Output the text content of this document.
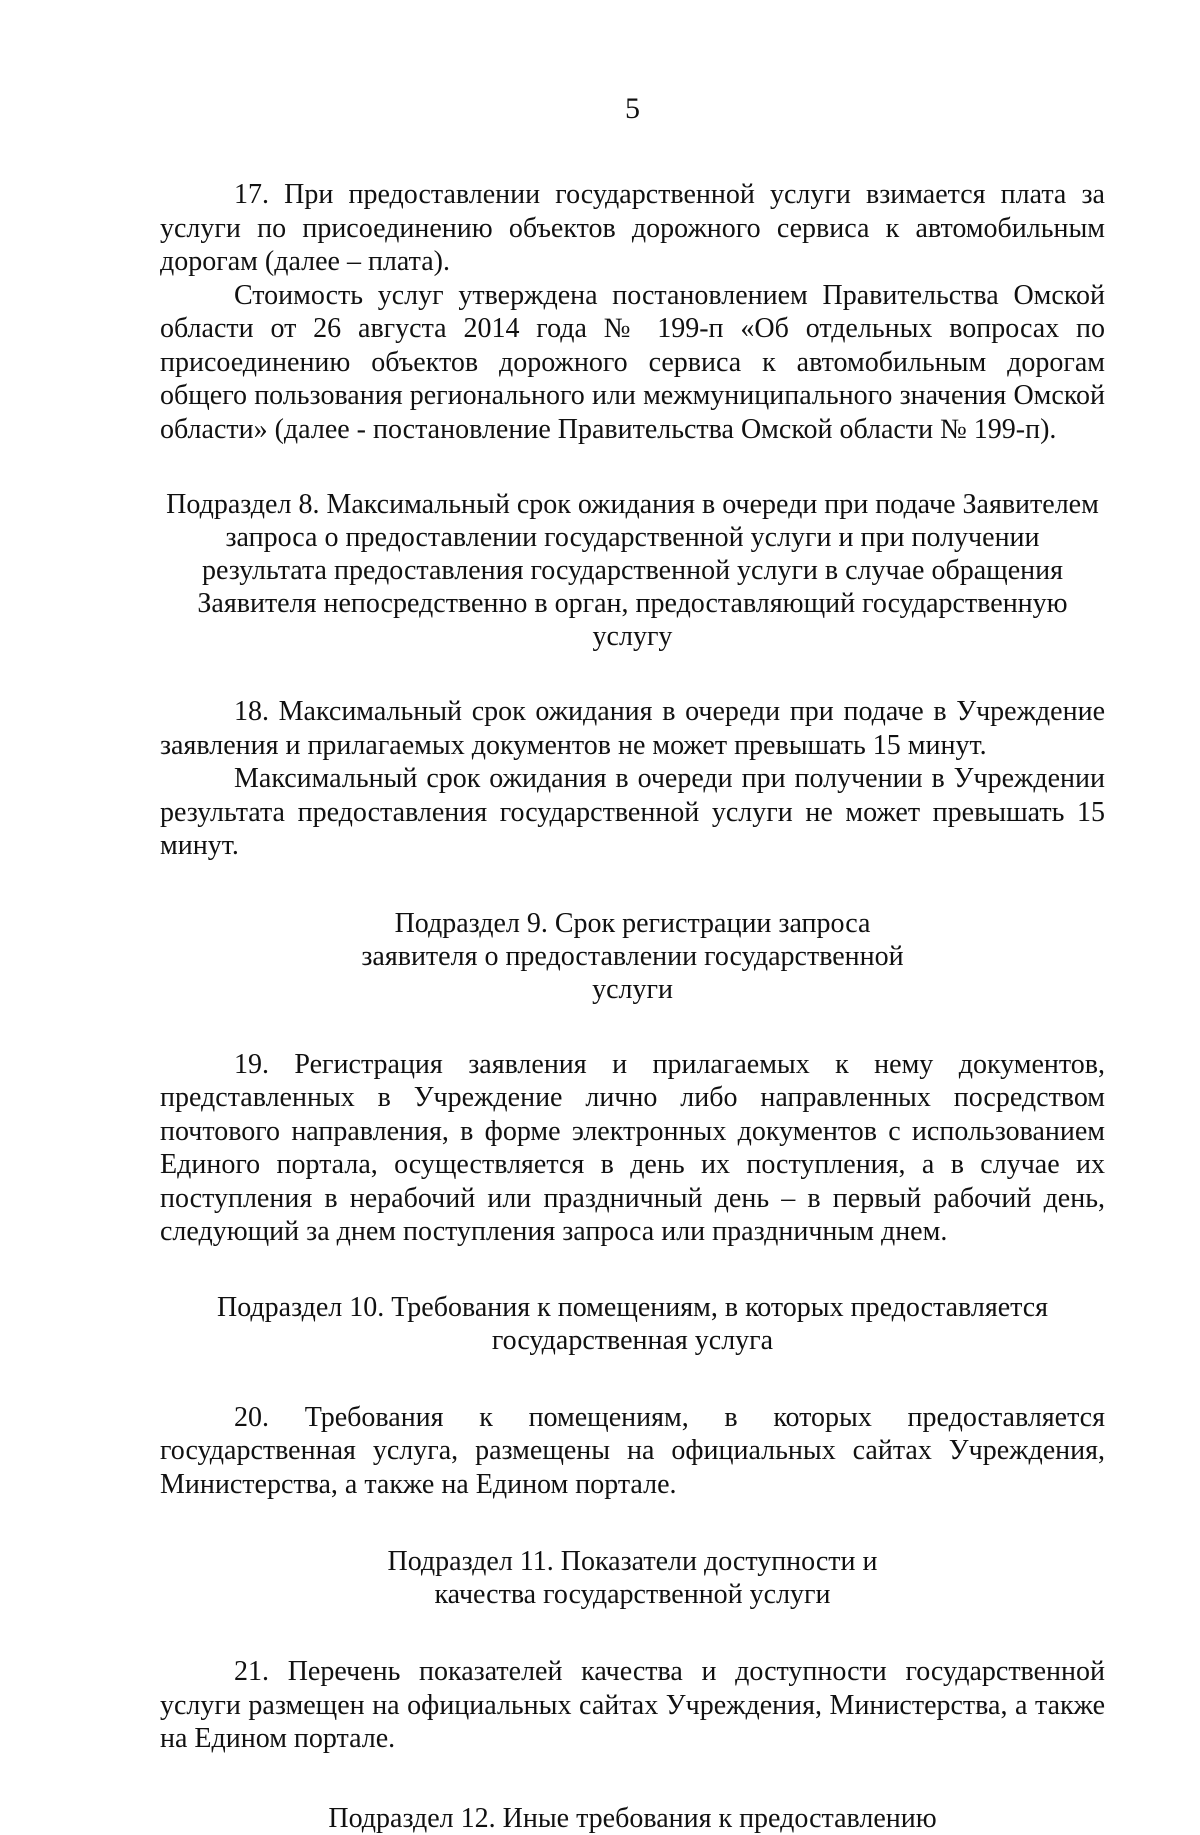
5

17. При предоставлении государственной услуги взимается плата за услуги по присоединению объектов дорожного сервиса к автомобильным дорогам (далее – плата).

Стоимость услуг утверждена постановлением Правительства Омской области от 26 августа 2014 года № 199-п «Об отдельных вопросах по присоединению объектов дорожного сервиса к автомобильным дорогам общего пользования регионального или межмуниципального значения Омской области» (далее - постановление Правительства Омской области № 199-п).

Подраздел 8. Максимальный срок ожидания в очереди при подаче Заявителем запроса о предоставлении государственной услуги и при получении результата предоставления государственной услуги в случае обращения Заявителя непосредственно в орган, предоставляющий государственную услугу

18. Максимальный срок ожидания в очереди при подаче в Учреждение заявления и прилагаемых документов не может превышать 15 минут.

Максимальный срок ожидания в очереди при получении в Учреждении результата предоставления государственной услуги не может превышать 15 минут.

Подраздел 9. Срок регистрации запроса заявителя о предоставлении государственной услуги

19. Регистрация заявления и прилагаемых к нему документов, представленных в Учреждение лично либо направленных посредством почтового направления, в форме электронных документов с использованием Единого портала, осуществляется в день их поступления, а в случае их поступления в нерабочий или праздничный день – в первый рабочий день, следующий за днем поступления запроса или праздничным днем.

Подраздел 10. Требования к помещениям, в которых предоставляется государственная услуга

20. Требования к помещениям, в которых предоставляется государственная услуга, размещены на официальных сайтах Учреждения, Министерства, а также на Едином портале.

Подраздел 11. Показатели доступности и качества государственной услуги

21. Перечень показателей качества и доступности государственной услуги размещен на официальных сайтах Учреждения, Министерства, а также на Едином портале.

Подраздел 12. Иные требования к предоставлению
